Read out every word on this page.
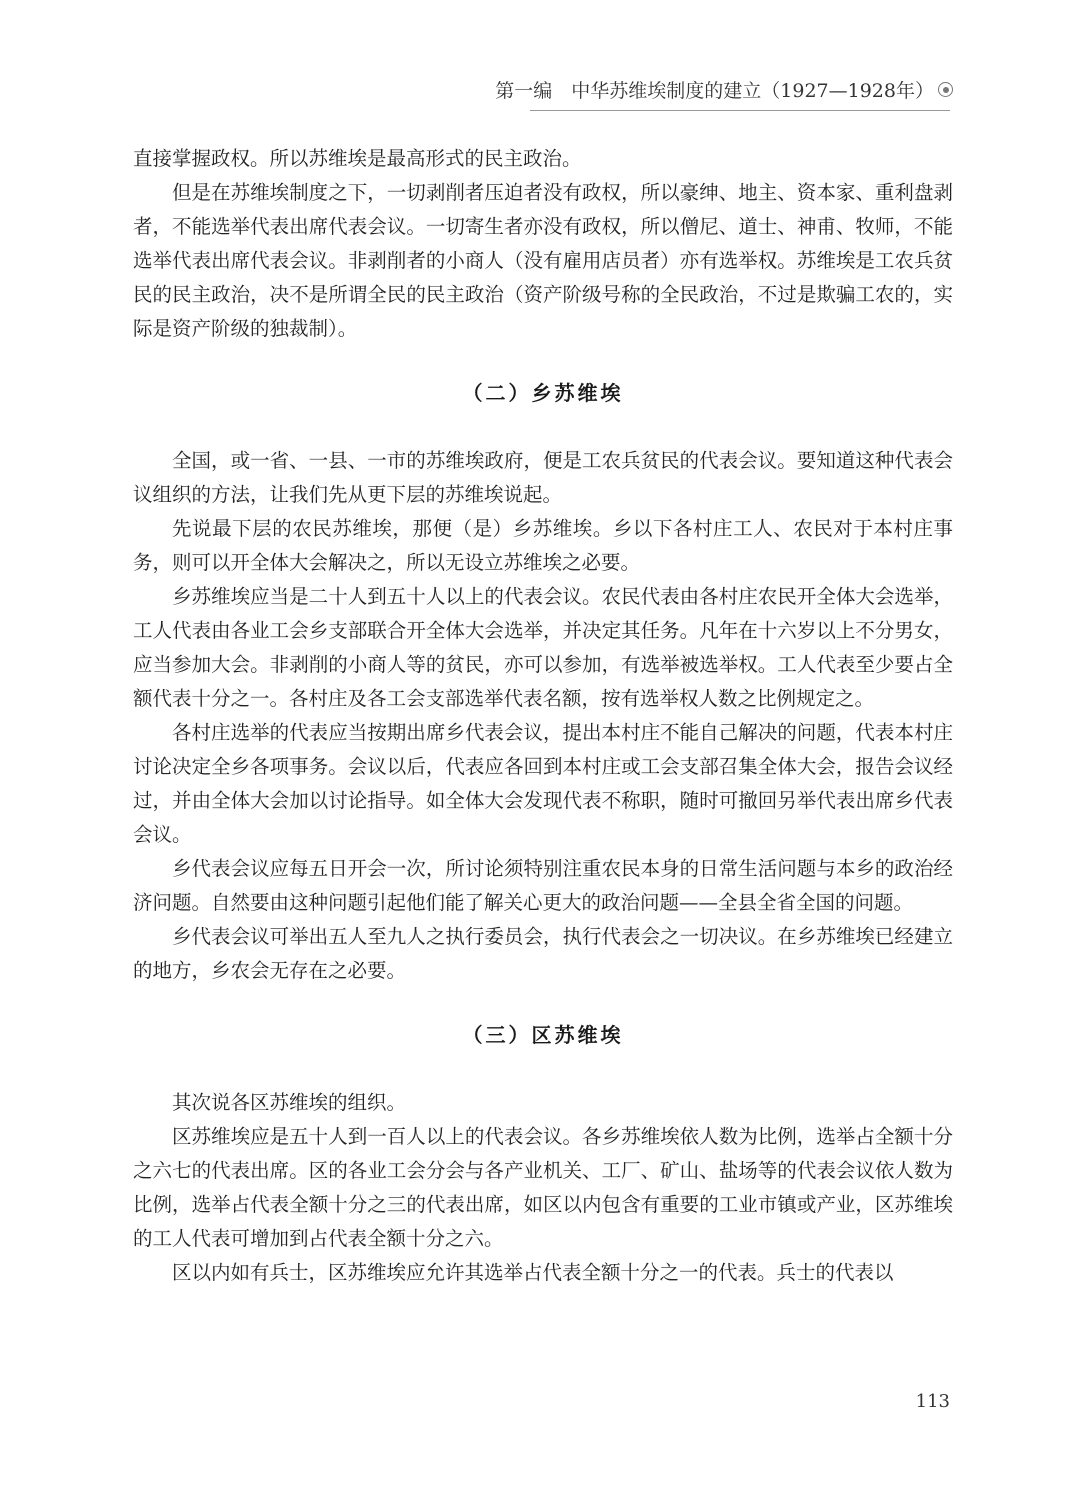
第一编　中华苏维埃制度的建立（1927—1928年）

直接掌握政权。所以苏维埃是最高形式的民主政治。

但是在苏维埃制度之下，一切剥削者压迫者没有政权，所以豪绅、地主、资本家、重利盘剥者，不能选举代表出席代表会议。一切寄生者亦没有政权，所以僧尼、道士、神甫、牧师，不能选举代表出席代表会议。非剥削者的小商人（没有雇用店员者）亦有选举权。苏维埃是工农兵贫民的民主政治，决不是所谓全民的民主政治（资产阶级号称的全民政治，不过是欺骗工农的，实际是资产阶级的独裁制）。

（二）乡苏维埃

全国，或一省、一县、一市的苏维埃政府，便是工农兵贫民的代表会议。要知道这种代表会议组织的方法，让我们先从更下层的苏维埃说起。

先说最下层的农民苏维埃，那便（是）乡苏维埃。乡以下各村庄工人、农民对于本村庄事务，则可以开全体大会解决之，所以无设立苏维埃之必要。

乡苏维埃应当是二十人到五十人以上的代表会议。农民代表由各村庄农民开全体大会选举，工人代表由各业工会乡支部联合开全体大会选举，并决定其任务。凡年在十六岁以上不分男女，应当参加大会。非剥削的小商人等的贫民，亦可以参加，有选举被选举权。工人代表至少要占全额代表十分之一。各村庄及各工会支部选举代表名额，按有选举权人数之比例规定之。

各村庄选举的代表应当按期出席乡代表会议，提出本村庄不能自己解决的问题，代表本村庄讨论决定全乡各项事务。会议以后，代表应各回到本村庄或工会支部召集全体大会，报告会议经过，并由全体大会加以讨论指导。如全体大会发现代表不称职，随时可撤回另举代表出席乡代表会议。

乡代表会议应每五日开会一次，所讨论须特别注重农民本身的日常生活问题与本乡的政治经济问题。自然要由这种问题引起他们能了解关心更大的政治问题——全县全省全国的问题。

乡代表会议可举出五人至九人之执行委员会，执行代表会之一切决议。在乡苏维埃已经建立的地方，乡农会无存在之必要。

（三）区苏维埃

其次说各区苏维埃的组织。

区苏维埃应是五十人到一百人以上的代表会议。各乡苏维埃依人数为比例，选举占全额十分之六七的代表出席。区的各业工会分会与各产业机关、工厂、矿山、盐场等的代表会议依人数为比例，选举占代表全额十分之三的代表出席，如区以内包含有重要的工业市镇或产业，区苏维埃的工人代表可增加到占代表全额十分之六。

区以内如有兵士，区苏维埃应允许其选举占代表全额十分之一的代表。兵士的代表以

113
